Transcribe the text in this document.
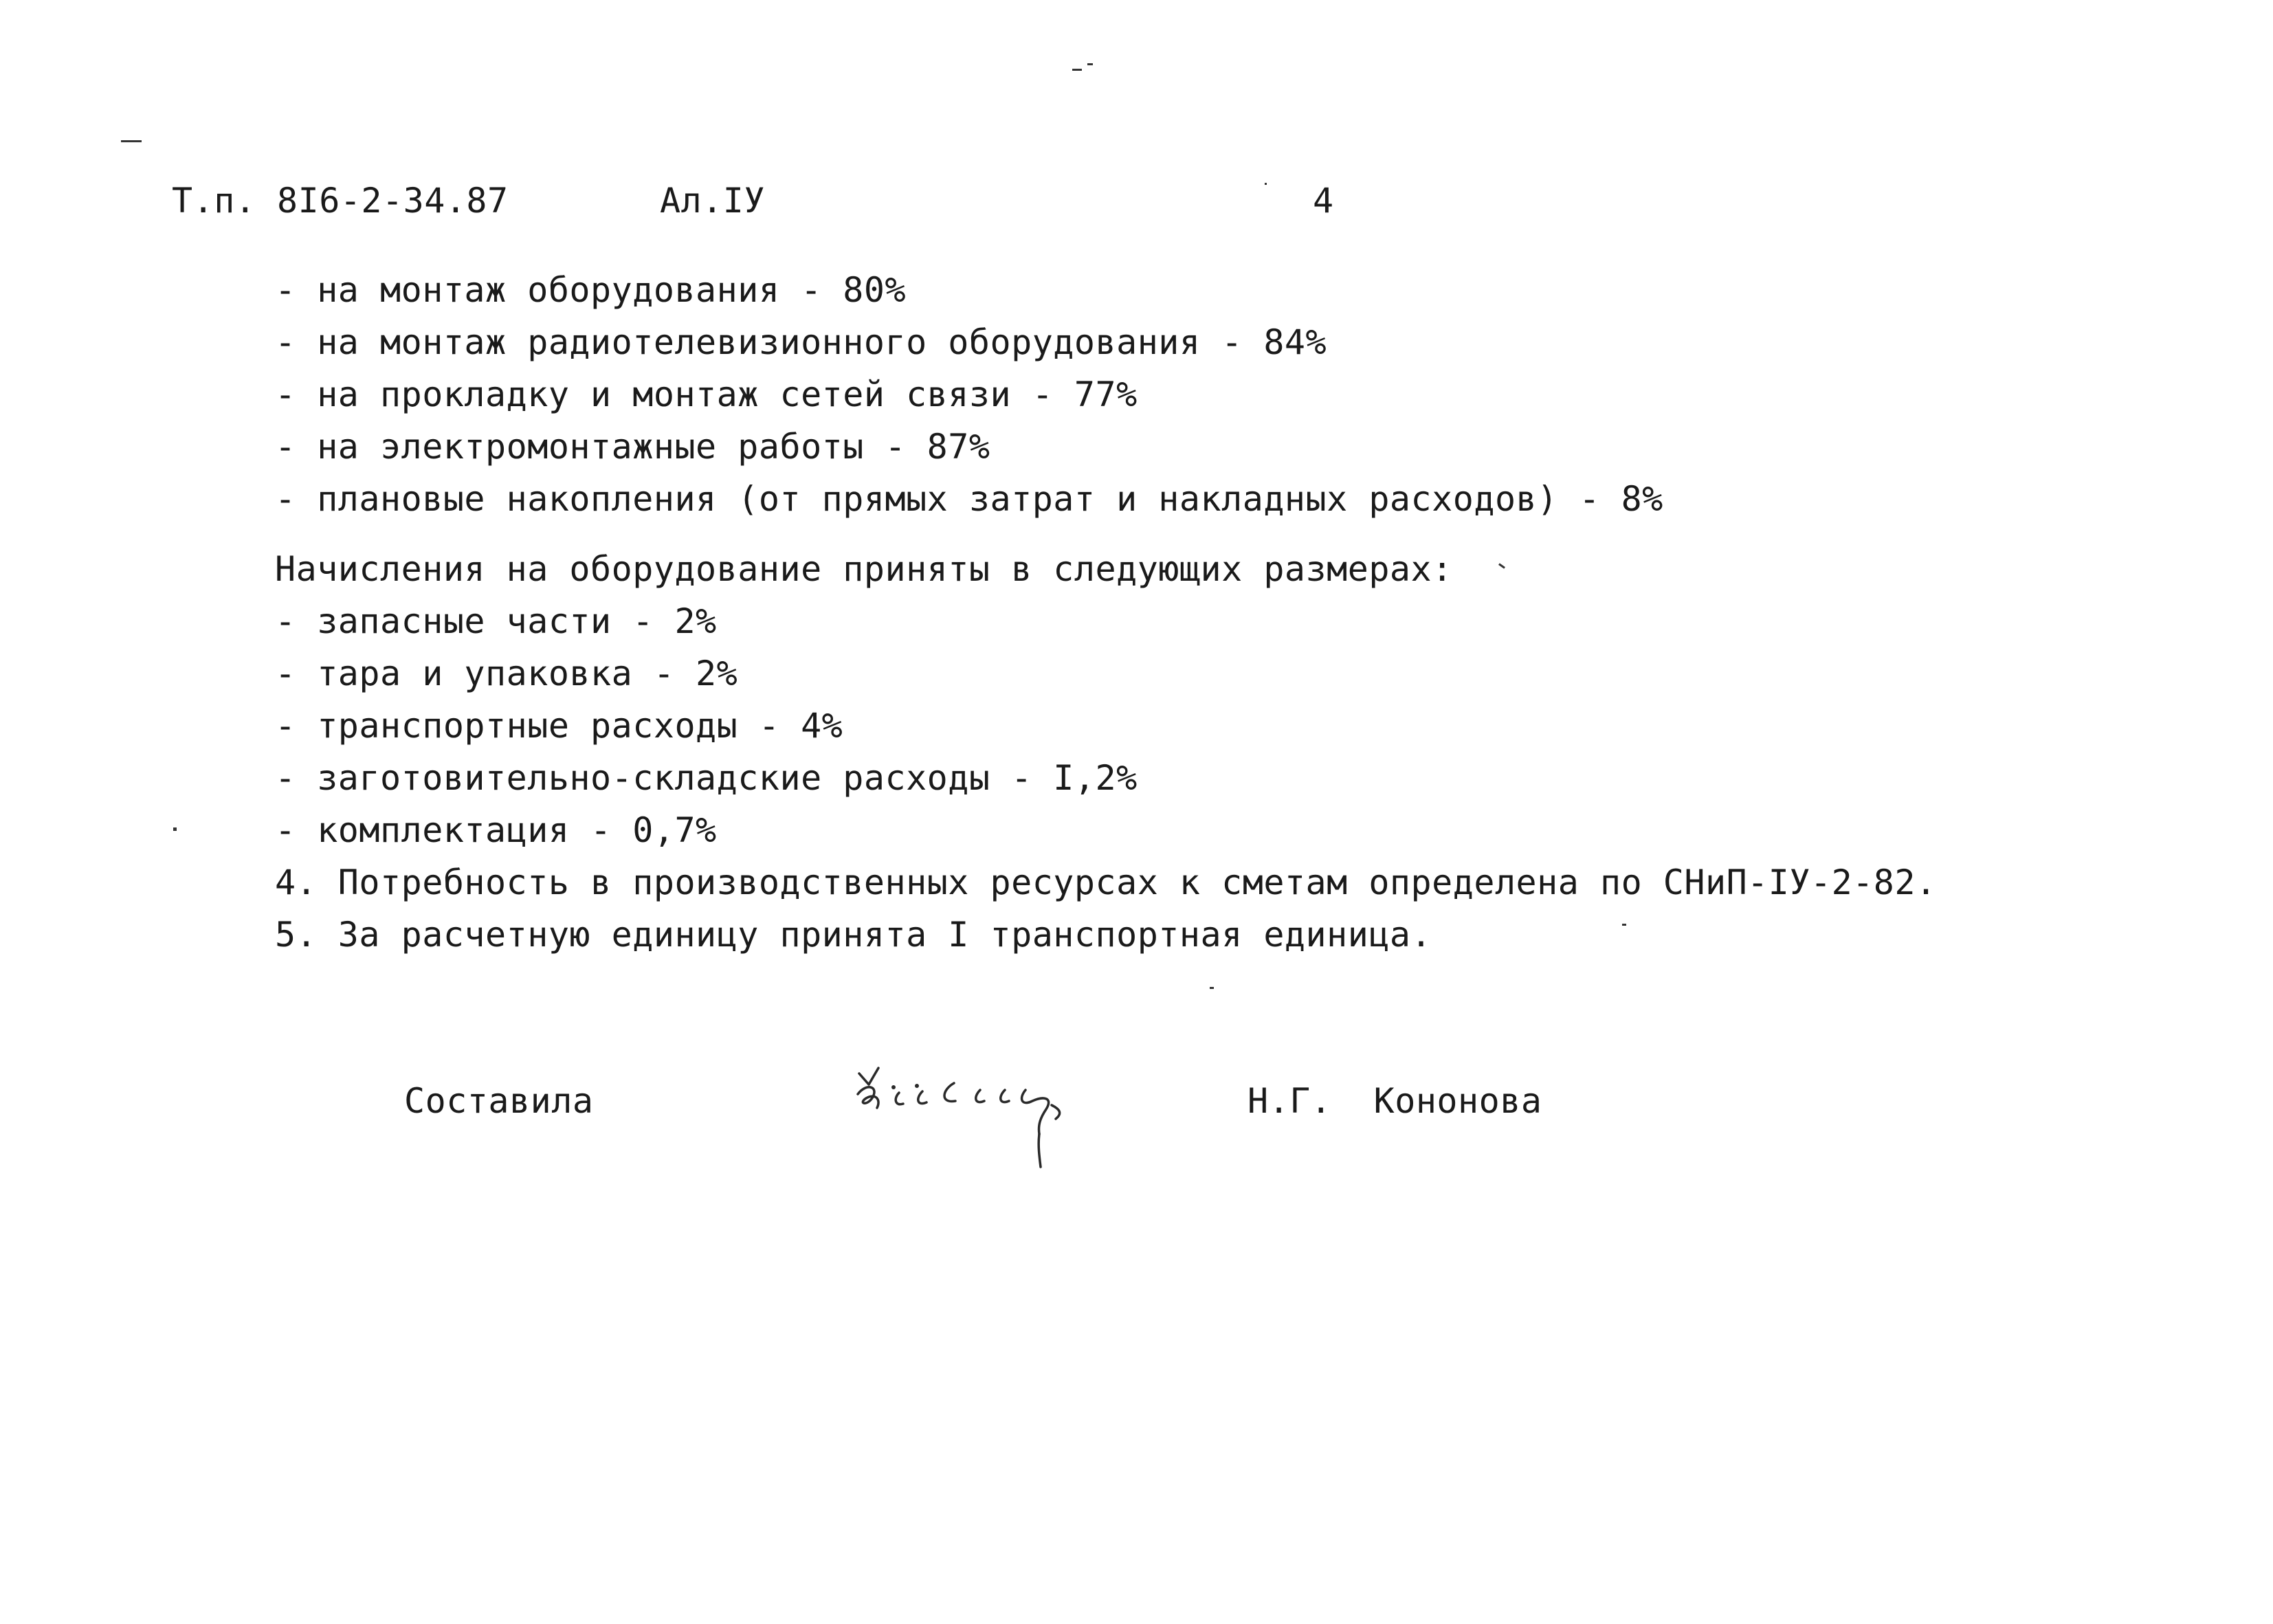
Т.п. 8І6-2-34.87	Ал.ІУ	4
- на монтаж оборудования - 80%
- на монтаж радиотелевизионного оборудования - 84%
- на прокладку и монтаж сетей связи - 77%
- на электромонтажные работы - 87%
- плановые накопления (от прямых затрат и накладных расходов) - 8%
Начисления на оборудование приняты в следующих размерах:
- запасные части - 2%
- тара и упаковка - 2%
- транспортные расходы - 4%
- заготовительно-складские расходы - І,2%
- комплектация - 0,7%
4. Потребность в производственных ресурсах к сметам определена по СНиП-ІУ-2-82.
5. За расчетную единицу принята І транспортная единица.
Составила	Н.Г.  Кононова
